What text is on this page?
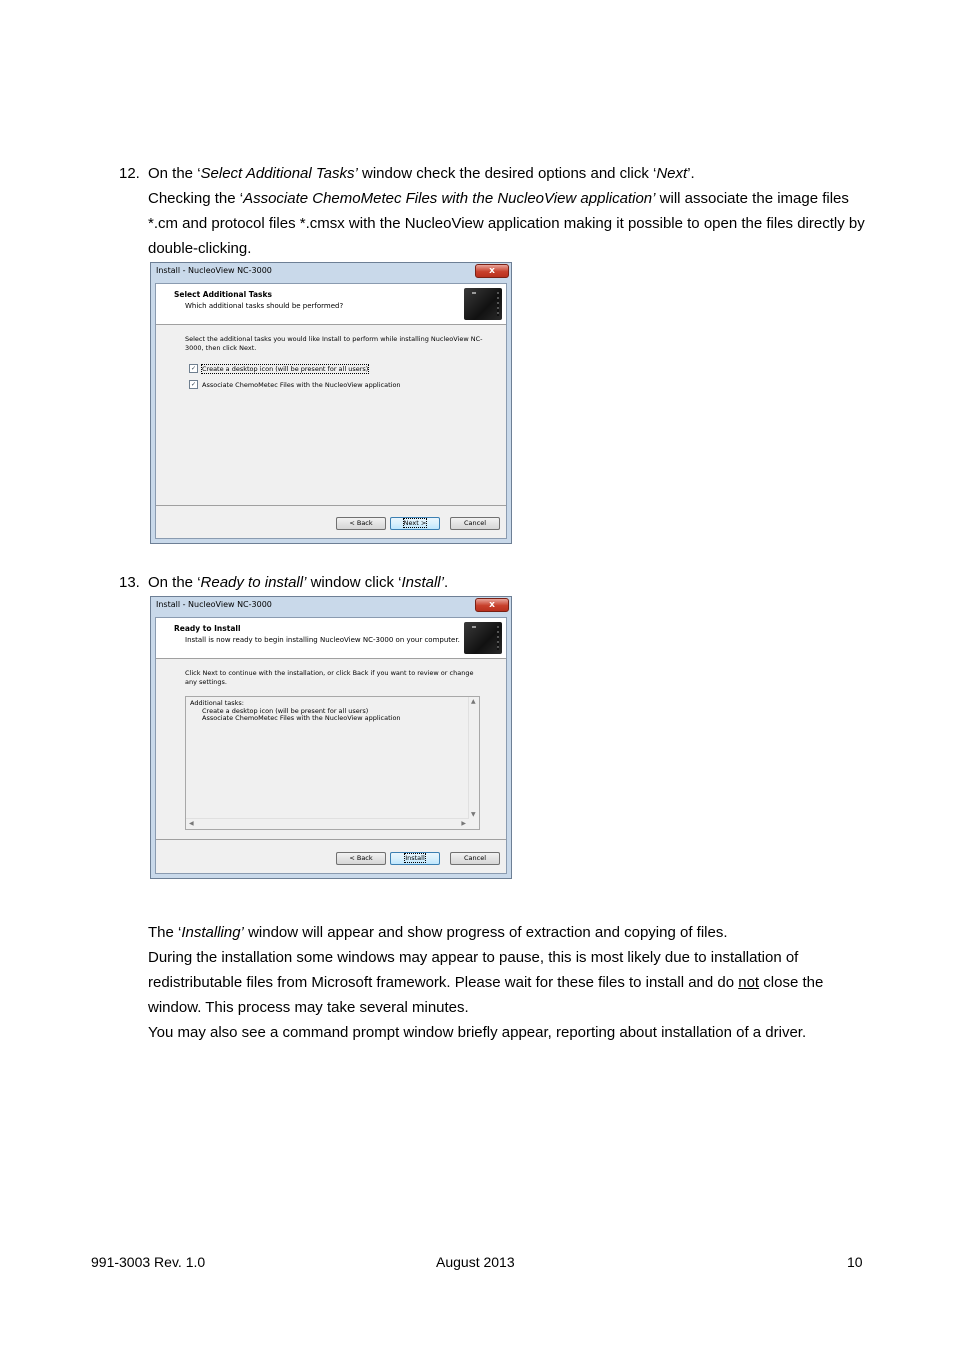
12. On the ‘Select Additional Tasks’ window check the desired options and click ‘Next’.
Checking the ‘Associate ChemoMetec Files with the NucleoView application’ will associate the image files *.cm and protocol files *.cmsx with the NucleoView application making it possible to open the files directly by double-clicking.
Install - NucleoView NC-3000	x
Select Additional Tasks
Which additional tasks should be performed?
Select the additional tasks you would like Install to perform while installing NucleoView NC-3000, then click Next.
✓ Create a desktop icon (will be present for all users)
✓ Associate ChemoMetec Files with the NucleoView application
< Back	Next >	Cancel
13. On the ‘Ready to install’ window click ‘Install’.
Install - NucleoView NC-3000	x
Ready to Install
Install is now ready to begin installing NucleoView NC-3000 on your computer.
Click Next to continue with the installation, or click Back if you want to review or change any settings.
Additional tasks:
Create a desktop icon (will be present for all users)
Associate ChemoMetec Files with the NucleoView application
▲
▼
◀	▶
< Back	Install	Cancel
The ‘Installing’ window will appear and show progress of extraction and copying of files.
During the installation some windows may appear to pause, this is most likely due to installation of redistributable files from Microsoft framework. Please wait for these files to install and do not close the window. This process may take several minutes.
You may also see a command prompt window briefly appear, reporting about installation of a driver.
991-3003 Rev. 1.0	August 2013	10
